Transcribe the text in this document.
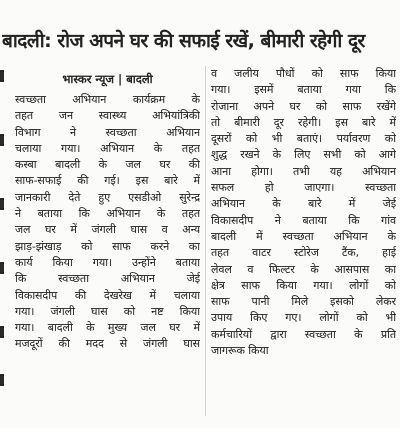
बादली: रोज अपने घर की सफाई रखें, बीमारी रहेगी दूर
भास्कर न्यूज | बादली
स्वच्छता अभियान कार्यक्रम के
तहत जन स्वास्थ्य अभियांत्रिकी
विभाग ने स्वच्छता अभियान
चलाया गया। अभियान के तहत
कस्बा बादली के जल घर की
साफ-सफाई की गई। इस बारे में
जानकारी देते हुए एसडीओ सुरेन्द्र
ने बताया कि अभियान के तहत
जल घर में जंगली घास व अन्य
झाड़-झंखाड़ को साफ करने का
कार्य किया गया। उन्होंने बताया
कि स्वच्छता अभियान जेई
विकासदीप की देखरेख में चलाया
गया। जंगली घास को नष्ट किया
गया। बादली के मुख्य जल घर में
मजदूरों की मदद से जंगली घास
व जलीय पौधों को साफ किया
गया। इसमें बताया गया कि
रोजाना अपने घर को साफ रखेंगे
तो बीमारी दूर रहेगी। इस बारे में
दूसरों को भी बताएं। पर्यावरण को
शुद्ध रखने के लिए सभी को आगे
आना होगा। तभी यह अभियान
सफल हो जाएगा। स्वच्छता
अभियान के बारे में जेई
विकासदीप ने बताया कि गांव
बादली में स्वच्छता अभियान के
तहत वाटर स्टोरेज टैंक, हाई
लेवल व फिल्टर के आसपास का
क्षेत्र साफ किया गया। लोगों को
साफ पानी मिले इसको लेकर
उपाय किए गए। लोगों को भी
कर्मचारियों द्वारा स्वच्छता के प्रति
जागरूक किया
